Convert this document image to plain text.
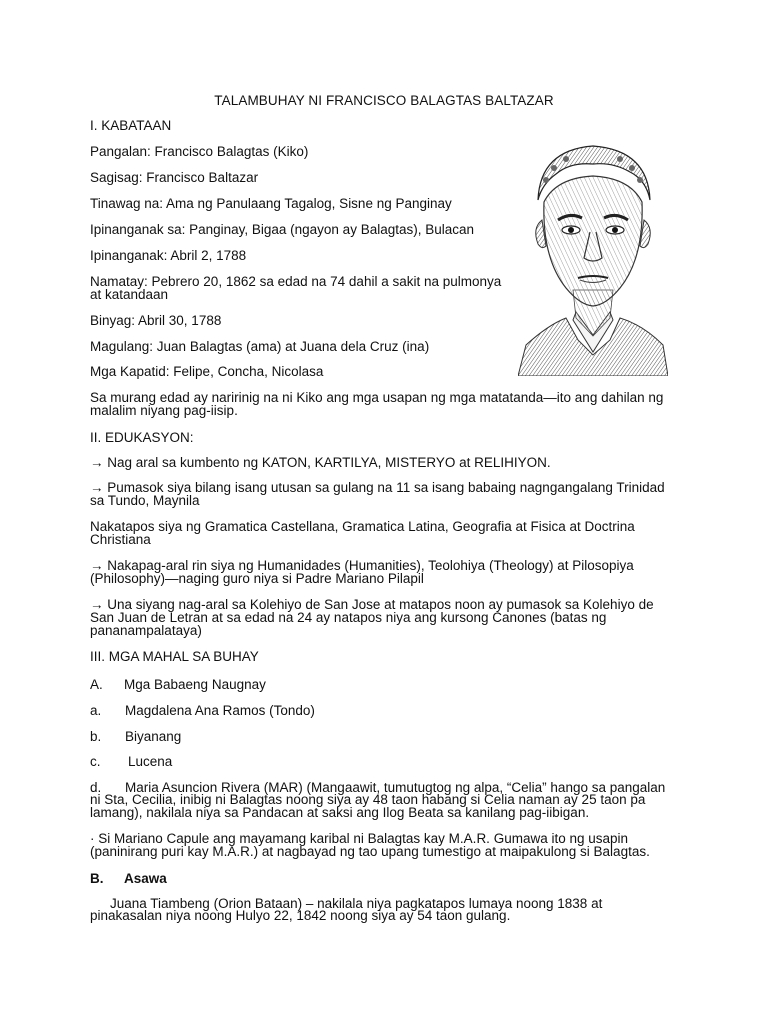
TALAMBUHAY NI FRANCISCO BALAGTAS BALTAZAR
I. KABATAAN
Pangalan: Francisco Balagtas (Kiko)
Sagisag: Francisco Baltazar
Tinawag na: Ama ng Panulaang Tagalog, Sisne ng Panginay
Ipinanganak sa: Panginay, Bigaa (ngayon ay Balagtas), Bulacan
Ipinanganak: Abril 2, 1788
Namatay: Pebrero 20, 1862 sa edad na 74 dahil a sakit na pulmonya
at katandaan
Binyag: Abril 30, 1788
Magulang: Juan Balagtas (ama) at Juana dela Cruz (ina)
Mga Kapatid: Felipe, Concha, Nicolasa
Sa murang edad ay naririnig na ni Kiko ang mga usapan ng mga matatanda—ito ang dahilan ng
malalim niyang pag-iisip.
II. EDUKASYON:
→ Nag aral sa kumbento ng KATON, KARTILYA, MISTERYO at RELIHIYON.
→ Pumasok siya bilang isang utusan sa gulang na 11 sa isang babaing nagngangalang Trinidad
sa Tundo, Maynila
Nakatapos siya ng Gramatica Castellana, Gramatica Latina, Geografia at Fisica at Doctrina
Christiana
→ Nakapag-aral rin siya ng Humanidades (Humanities), Teolohiya (Theology) at Pilosopiya
(Philosophy)—naging guro niya si Padre Mariano Pilapil
→ Una siyang nag-aral sa Kolehiyo de San Jose at matapos noon ay pumasok sa Kolehiyo de
San Juan de Letran at sa edad na 24 ay natapos niya ang kursong Canones (batas ng
pananampalataya)
III. MGA MAHAL SA BUHAY
A. Mga Babaeng Naugnay
a. Magdalena Ana Ramos (Tondo)
b. Biyanang
c. Lucena
d. Maria Asuncion Rivera (MAR) (Mangaawit, tumutugtog ng alpa, “Celia” hango sa pangalan
ni Sta, Cecilia, inibig ni Balagtas noong siya ay 48 taon habang si Celia naman ay 25 taon pa
lamang), nakilala niya sa Pandacan at saksi ang Ilog Beata sa kanilang pag-iibigan.
· Si Mariano Capule ang mayamang karibal ni Balagtas kay M.A.R. Gumawa ito ng usapin
(paninirang puri kay M.A.R.) at nagbayad ng tao upang tumestigo at maipakulong si Balagtas.
B. Asawa
Juana Tiambeng (Orion Bataan) – nakilala niya pagkatapos lumaya noong 1838 at
pinakasalan niya noong Hulyo 22, 1842 noong siya ay 54 taon gulang.
